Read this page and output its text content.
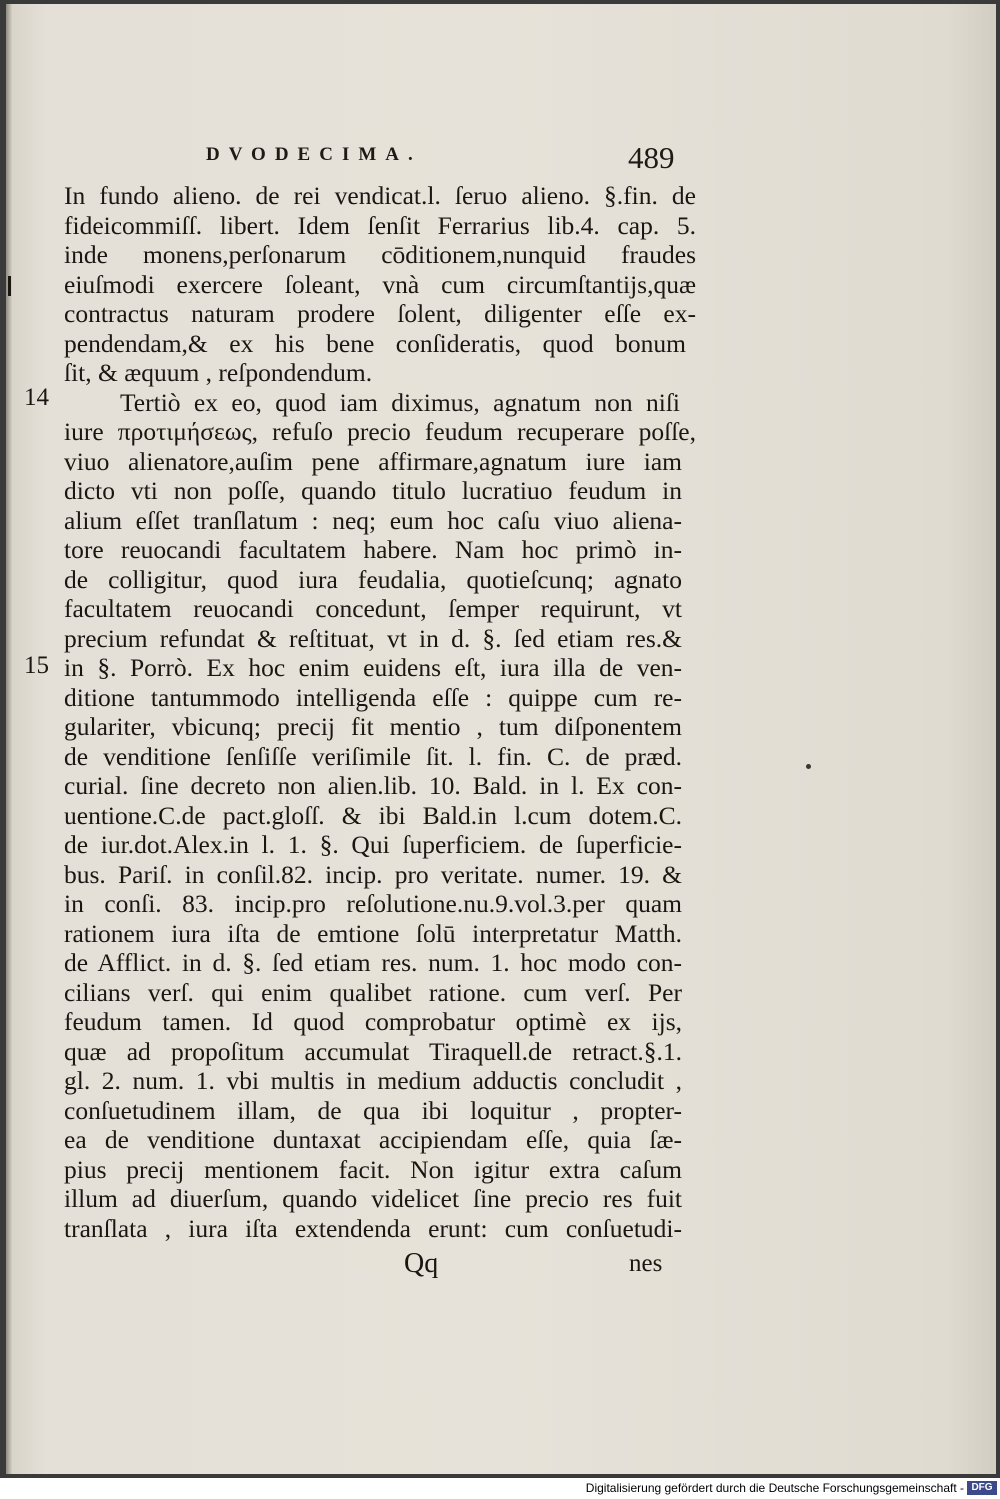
DVODECIMA.	489
14
15
In fundo alieno. de rei vendicat.l. ſeruo alieno. §.fin. de
fideicommiſſ. libert. Idem ſenſit Ferrarius lib.4. cap. 5.
inde monens,perſonarum cōditionem,nunquid fraudes
eiuſmodi exercere ſoleant, vnà cum circumſtantijs,quæ
contractus naturam prodere ſolent, diligenter eſſe ex-
pendendam,& ex his bene conſideratis, quod bonum
ſit, & æquum , reſpondendum.
Tertiò ex eo, quod iam diximus, agnatum non niſi
iure προτιμήσεως, refuſo precio feudum recuperare poſſe,
viuo alienatore,auſim pene affirmare,agnatum iure iam
dicto vti non poſſe, quando titulo lucratiuo feudum in
alium eſſet tranſlatum : neq; eum hoc caſu viuo aliena-
tore reuocandi facultatem habere. Nam hoc primò in-
de colligitur, quod iura feudalia, quotieſcunq; agnato
facultatem reuocandi concedunt, ſemper requirunt, vt
precium refundat & reſtituat, vt in d. §. ſed etiam res.&
in §. Porrò. Ex hoc enim euidens eſt, iura illa de ven-
ditione tantummodo intelligenda eſſe : quippe cum re-
gulariter, vbicunq; precij fit mentio , tum diſponentem
de venditione ſenſiſſe veriſimile ſit. l. fin. C. de præd.
curial. ſine decreto non alien.lib. 10. Bald. in l. Ex con-
uentione.C.de pact.gloſſ. & ibi Bald.in l.cum dotem.C.
de iur.dot.Alex.in l. 1. §. Qui ſuperficiem. de ſuperficie-
bus. Pariſ. in conſil.82. incip. pro veritate. numer. 19. &
in conſi. 83. incip.pro reſolutione.nu.9.vol.3.per quam
rationem iura iſta de emtione ſolū interpretatur Matth.
de Afflict. in d. §. ſed etiam res. num. 1. hoc modo con-
cilians verſ. qui enim qualibet ratione. cum verſ. Per
feudum tamen. Id quod comprobatur optimè ex ijs,
quæ ad propoſitum accumulat Tiraquell.de retract.§.1.
gl. 2. num. 1. vbi multis in medium adductis concludit ,
conſuetudinem illam, de qua ibi loquitur , propter-
ea de venditione duntaxat accipiendam eſſe, quia ſæ-
pius precij mentionem facit. Non igitur extra caſum
illum ad diuerſum, quando videlicet ſine precio res fuit
tranſlata , iura iſta extendenda erunt: cum conſuetudi-
Qq	nes
Digitalisierung gefördert durch die Deutsche Forschungsgemeinschaft - DFG
